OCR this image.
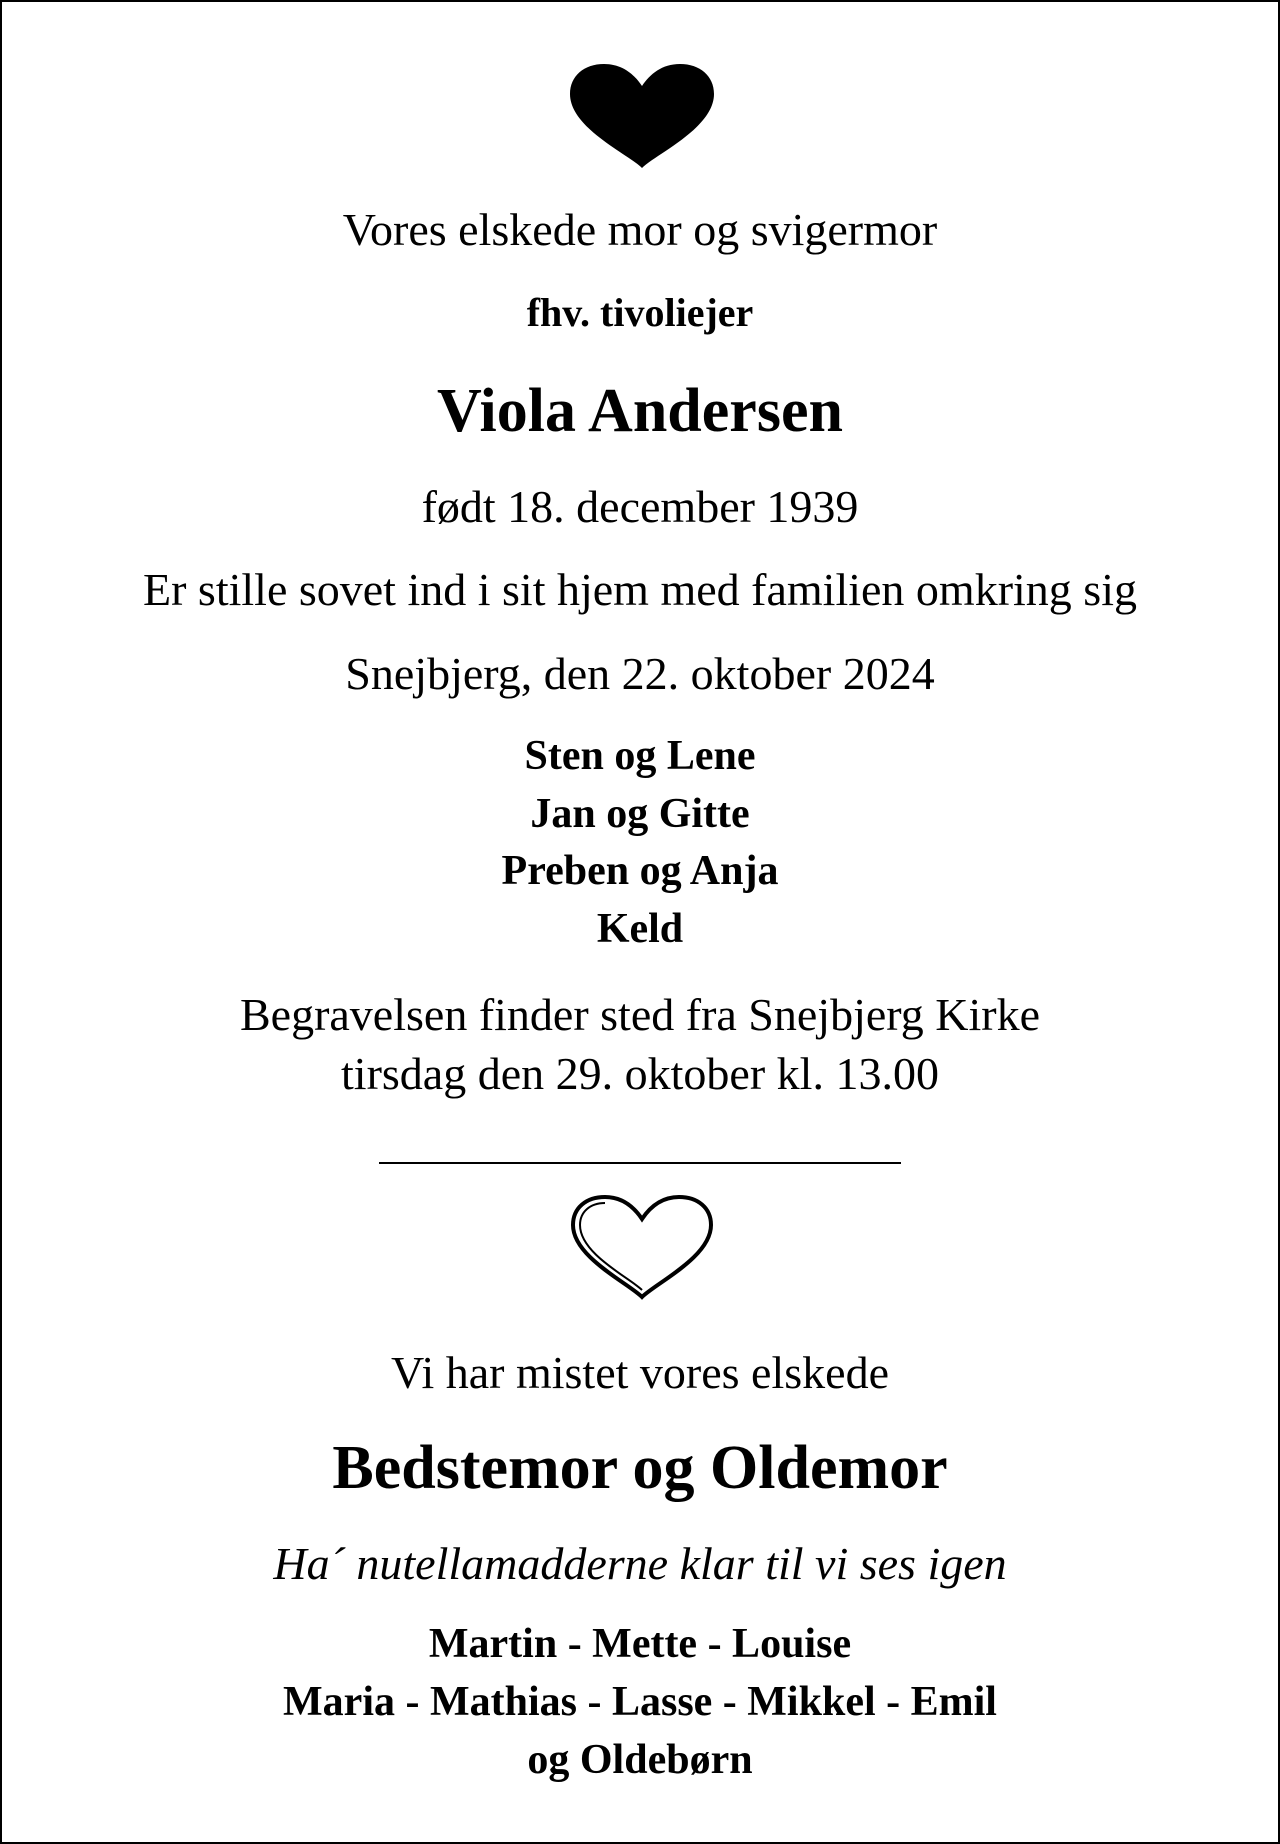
Vores elskede mor og svigermor
fhv. tivoliejer
Viola Andersen
født 18. december 1939
Er stille sovet ind i sit hjem med familien omkring sig
Snejbjerg, den 22. oktober 2024
Sten og Lene
Jan og Gitte
Preben og Anja
Keld
Begravelsen finder sted fra Snejbjerg Kirke
tirsdag den 29. oktober kl. 13.00
Vi har mistet vores elskede
Bedstemor og Oldemor
Ha´ nutellamadderne klar til vi ses igen
Martin - Mette - Louise
Maria - Mathias - Lasse - Mikkel - Emil
og Oldebørn
